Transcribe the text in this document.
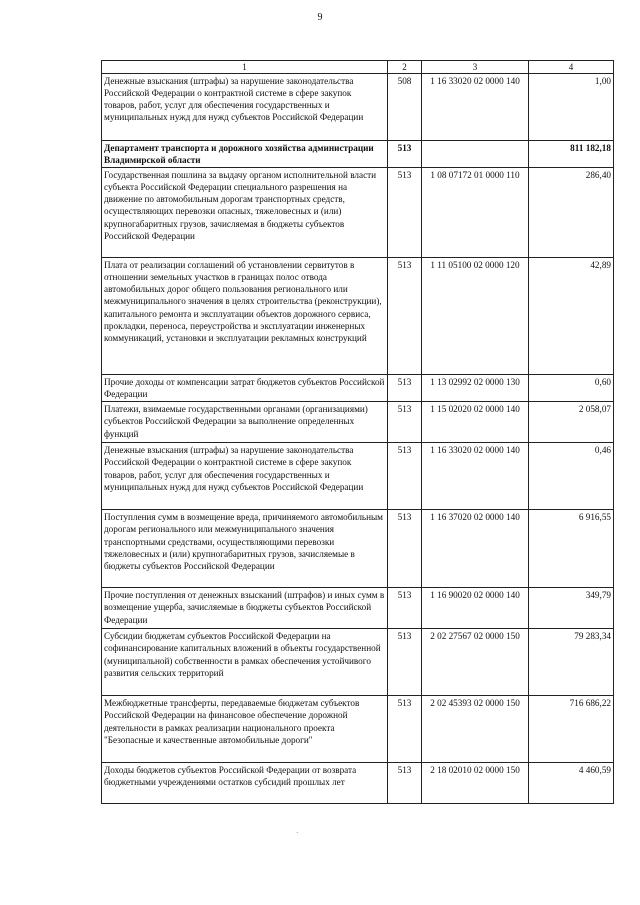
9
1	2	3	4
Денежные взыскания (штрафы) за нарушение законодательства Российской Федерации о контрактной системе в сфере закупок товаров, работ, услуг для обеспечения государственных и муниципальных нужд для нужд субъектов Российской Федерации	508	1 16 33020 02 0000 140	1,00
Департамент транспорта и дорожного хозяйства администрации Владимирской области	513		811 182,18
Государственная пошлина за выдачу органом исполнительной власти субъекта Российской Федерации специального разрешения на движение по автомобильным дорогам транспортных средств, осуществляющих перевозки опасных, тяжеловесных и (или) крупногабаритных грузов, зачисляемая в бюджеты субъектов Российской Федерации	513	1 08 07172 01 0000 110	286,40
Плата от реализации соглашений об установлении сервитутов в отношении земельных участков в границах полос отвода автомобильных дорог общего пользования регионального или межмуниципального значения в целях строительства (реконструкции), капитального ремонта и эксплуатации объектов дорожного сервиса, прокладки, переноса, переустройства и эксплуатации инженерных коммуникаций, установки и эксплуатации рекламных конструкций	513	1 11 05100 02 0000 120	42,89
Прочие доходы от компенсации затрат бюджетов субъектов Российской Федерации	513	1 13 02992 02 0000 130	0,60
Платежи, взимаемые государственными органами (организациями) субъектов Российской Федерации за выполнение определенных функций	513	1 15 02020 02 0000 140	2 058,07
Денежные взыскания (штрафы) за нарушение законодательства Российской Федерации о контрактной системе в сфере закупок товаров, работ, услуг для обеспечения государственных и муниципальных нужд для нужд субъектов Российской Федерации	513	1 16 33020 02 0000 140	0,46
Поступления сумм в возмещение вреда, причиняемого автомобильным дорогам регионального или межмуниципального значения транспортными средствами, осуществляющими перевозки тяжеловесных и (или) крупногабаритных грузов, зачисляемые в бюджеты субъектов Российской Федерации	513	1 16 37020 02 0000 140	6 916,55
Прочие поступления от денежных взысканий (штрафов) и иных сумм в возмещение ущерба, зачисляемые в бюджеты субъектов Российской Федерации	513	1 16 90020 02 0000 140	349,79
Субсидии бюджетам субъектов Российской Федерации на софинансирование капитальных вложений в объекты государственной (муниципальной) собственности в рамках обеспечения устойчивого развития сельских территорий	513	2 02 27567 02 0000 150	79 283,34
Межбюджетные трансферты, передаваемые бюджетам субъектов Российской Федерации на финансовое обеспечение дорожной деятельности в рамках реализации национального проекта "Безопасные и качественные автомобильные дороги"	513	2 02 45393 02 0000 150	716 686,22
Доходы бюджетов субъектов Российской Федерации от возврата бюджетными учреждениями остатков субсидий прошлых лет	513	2 18 02010 02 0000 150	4 460,59
·
